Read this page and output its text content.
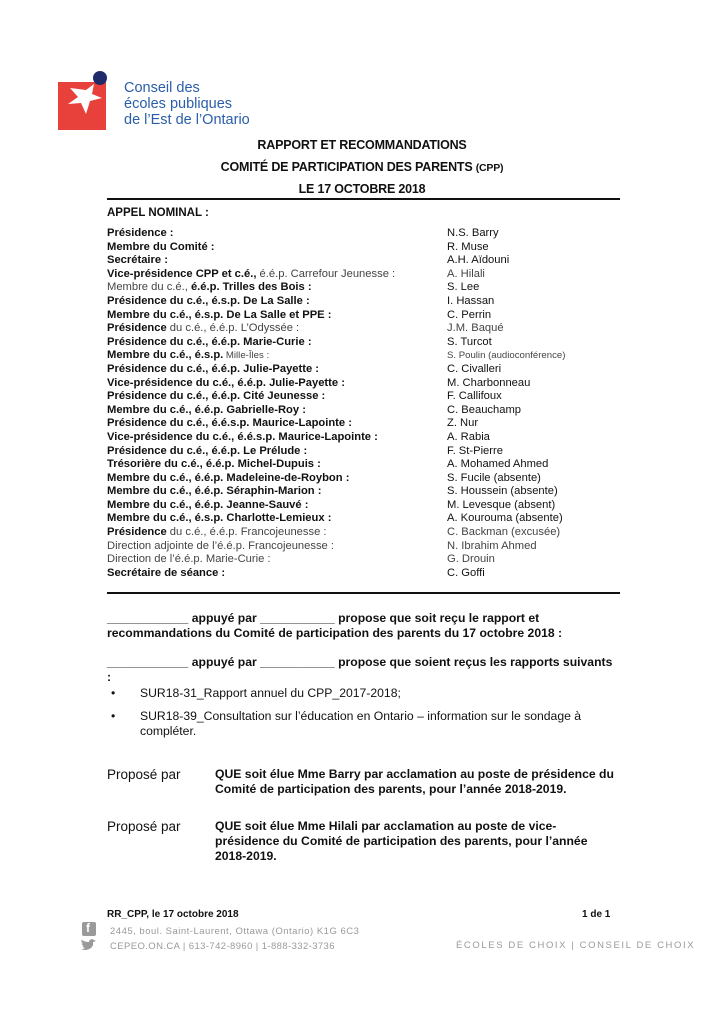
Conseil des
écoles publiques
de l’Est de l’Ontario
RAPPORT ET RECOMMANDATIONS
COMITÉ DE PARTICIPATION DES PARENTS (CPP)
LE 17 OCTOBRE 2018
APPEL NOMINAL :
Présidence :	N.S. Barry
Membre du Comité :	R. Muse
Secrétaire :	A.H. Aïdouni
Vice-présidence CPP et c.é., é.é.p. Carrefour Jeunesse :	A. Hilali
Membre du c.é., é.é.p. Trilles des Bois :	S. Lee
Présidence du c.é., é.s.p. De La Salle :	I. Hassan
Membre du c.é., é.s.p. De La Salle et PPE :	C. Perrin
Présidence du c.é., é.é.p. L’Odyssée :	J.M. Baqué
Présidence du c.é., é.é.p. Marie-Curie :	S. Turcot
Membre du c.é., é.s.p. Mille-Îles :	S. Poulin (audioconférence)
Présidence du c.é., é.é.p. Julie-Payette :	C. Civalleri
Vice-présidence du c.é., é.é.p. Julie-Payette :	M. Charbonneau
Présidence du c.é., é.é.p. Cité Jeunesse :	F. Callifoux
Membre du c.é., é.é.p. Gabrielle-Roy :	C. Beauchamp
Présidence du c.é., é.é.s.p. Maurice-Lapointe :	Z. Nur
Vice-présidence du c.é., é.é.s.p. Maurice-Lapointe :	A. Rabia
Présidence du c.é., é.é.p. Le Prélude :	F. St-Pierre
Trésorière du c.é., é.é.p. Michel-Dupuis :	A. Mohamed Ahmed
Membre du c.é., é.é.p. Madeleine-de-Roybon :	S. Fucile (absente)
Membre du c.é., é.é.p. Séraphin-Marion :	S. Houssein (absente)
Membre du c.é., é.é.p. Jeanne-Sauvé :	M. Levesque (absent)
Membre du c.é., é.s.p. Charlotte-Lemieux :	A. Kourouma (absente)
Présidence du c.é., é.é.p. Francojeunesse :	C. Backman (excusée)
Direction adjointe de l’é.é.p. Francojeunesse :	N. Ibrahim Ahmed
Direction de l’é.é.p. Marie-Curie :	G. Drouin
Secrétaire de séance :	C. Goffi
____________ appuyé par ___________ propose que soit reçu le rapport et recommandations du Comité de participation des parents du 17 octobre 2018 :
____________ appuyé par ___________ propose que soient reçus les rapports suivants :
• SUR18-31_Rapport annuel du CPP_2017-2018;
• SUR18-39_Consultation sur l’éducation en Ontario – information sur le sondage à compléter.
Proposé par	QUE soit élue Mme Barry par acclamation au poste de présidence du Comité de participation des parents, pour l’année 2018-2019.
Proposé par	QUE soit élue Mme Hilali par acclamation au poste de vice-présidence du Comité de participation des parents, pour l’année 2018-2019.
RR_CPP, le 17 octobre 2018	1 de 1
f 2445, boul. Saint-Laurent, Ottawa (Ontario) K1G 6C3
CEPEO.ON.CA | 613-742-8960 | 1-888-332-3736	ÉCOLES DE CHOIX | CONSEIL DE CHOIX
